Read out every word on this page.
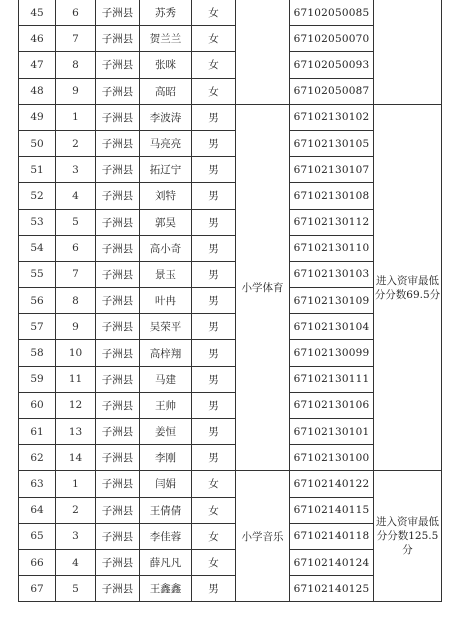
45	6	子洲县	苏秀	女		67102050085	
46	7	子洲县	贺兰兰	女		67102050070	
47	8	子洲县	张咪	女		67102050093	
48	9	子洲县	高昭	女		67102050087	
49	1	子洲县	李波涛	男	小学体育	67102130102	进入资审最低分分数69.5分
50	2	子洲县	马亮亮	男		67102130105	
51	3	子洲县	拓辽宁	男		67102130107	
52	4	子洲县	刘特	男		67102130108	
53	5	子洲县	郭昊	男		67102130112	
54	6	子洲县	高小奇	男		67102130110	
55	7	子洲县	景玉	男		67102130103	
56	8	子洲县	叶冉	男		67102130109	
57	9	子洲县	吴荣平	男		67102130104	
58	10	子洲县	高梓翔	男		67102130099	
59	11	子洲县	马建	男		67102130111	
60	12	子洲县	王帅	男		67102130106	
61	13	子洲县	姜恒	男		67102130101	
62	14	子洲县	李刚	男		67102130100	
63	1	子洲县	闫娟	女	小学音乐	67102140122	进入资审最低分分数125.5分
64	2	子洲县	王倩倩	女		67102140115	
65	3	子洲县	李佳蓉	女		67102140118	
66	4	子洲县	薛凡凡	女		67102140124	
67	5	子洲县	王鑫鑫	男		67102140125	
